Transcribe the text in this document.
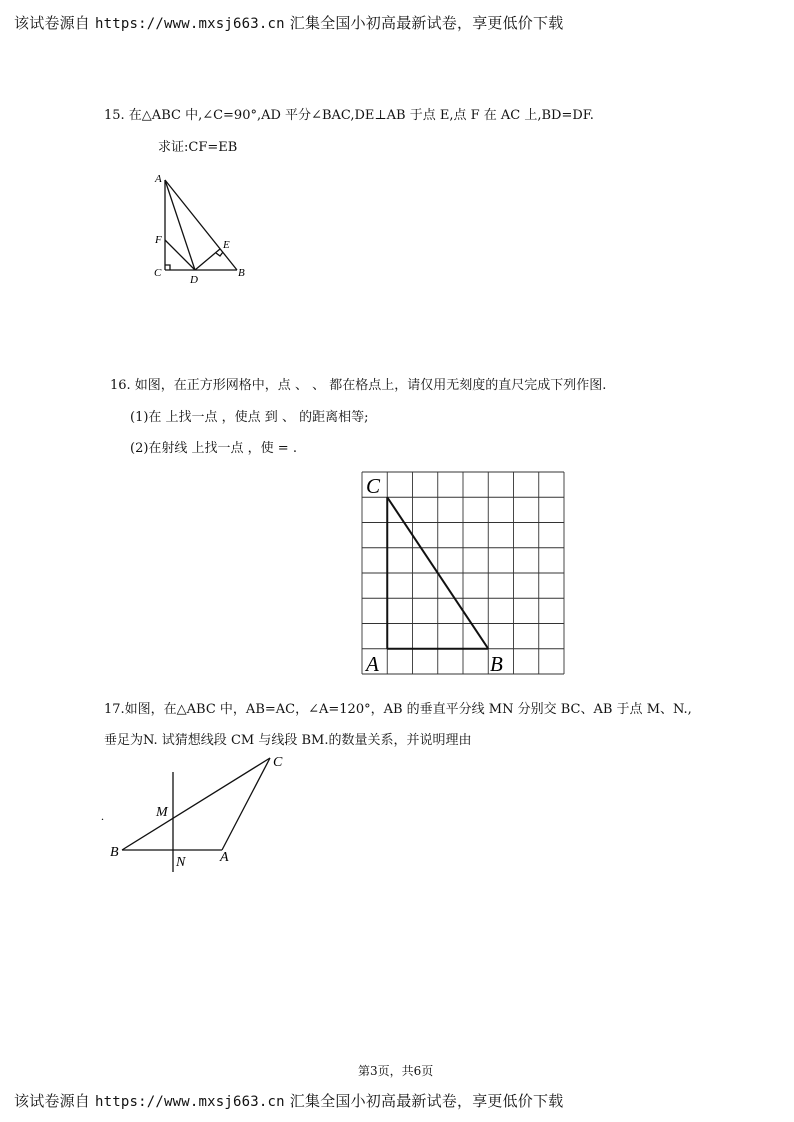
该试卷源自 https://www.mxsj663.cn 汇集全国小初高最新试卷，享更低价下载
15. 在△ABC 中,∠C=90°,AD 平分∠BAC,DE⊥AB 于点 E,点 F 在 AC 上,BD=DF.
求证:CF=EB
A
F
C
D
E
B
16. 如图，在正方形网格中，点 、 、 都在格点上，请仅用无刻度的直尺完成下列作图.
(1)在 上找一点 ，使点 到 、 的距离相等;
(2)在射线 上找一点 ，使 = .
C
A	B
17.如图，在△ABC 中，AB=AC，∠A=120°，AB 的垂直平分线 MN 分别交 BC、AB 于点 M、N.,
垂足为N. 试猜想线段 CM 与线段 BM.的数量关系，并说明理由
.
C
M
B
N A
第3页，共6页
该试卷源自 https://www.mxsj663.cn 汇集全国小初高最新试卷，享更低价下载
